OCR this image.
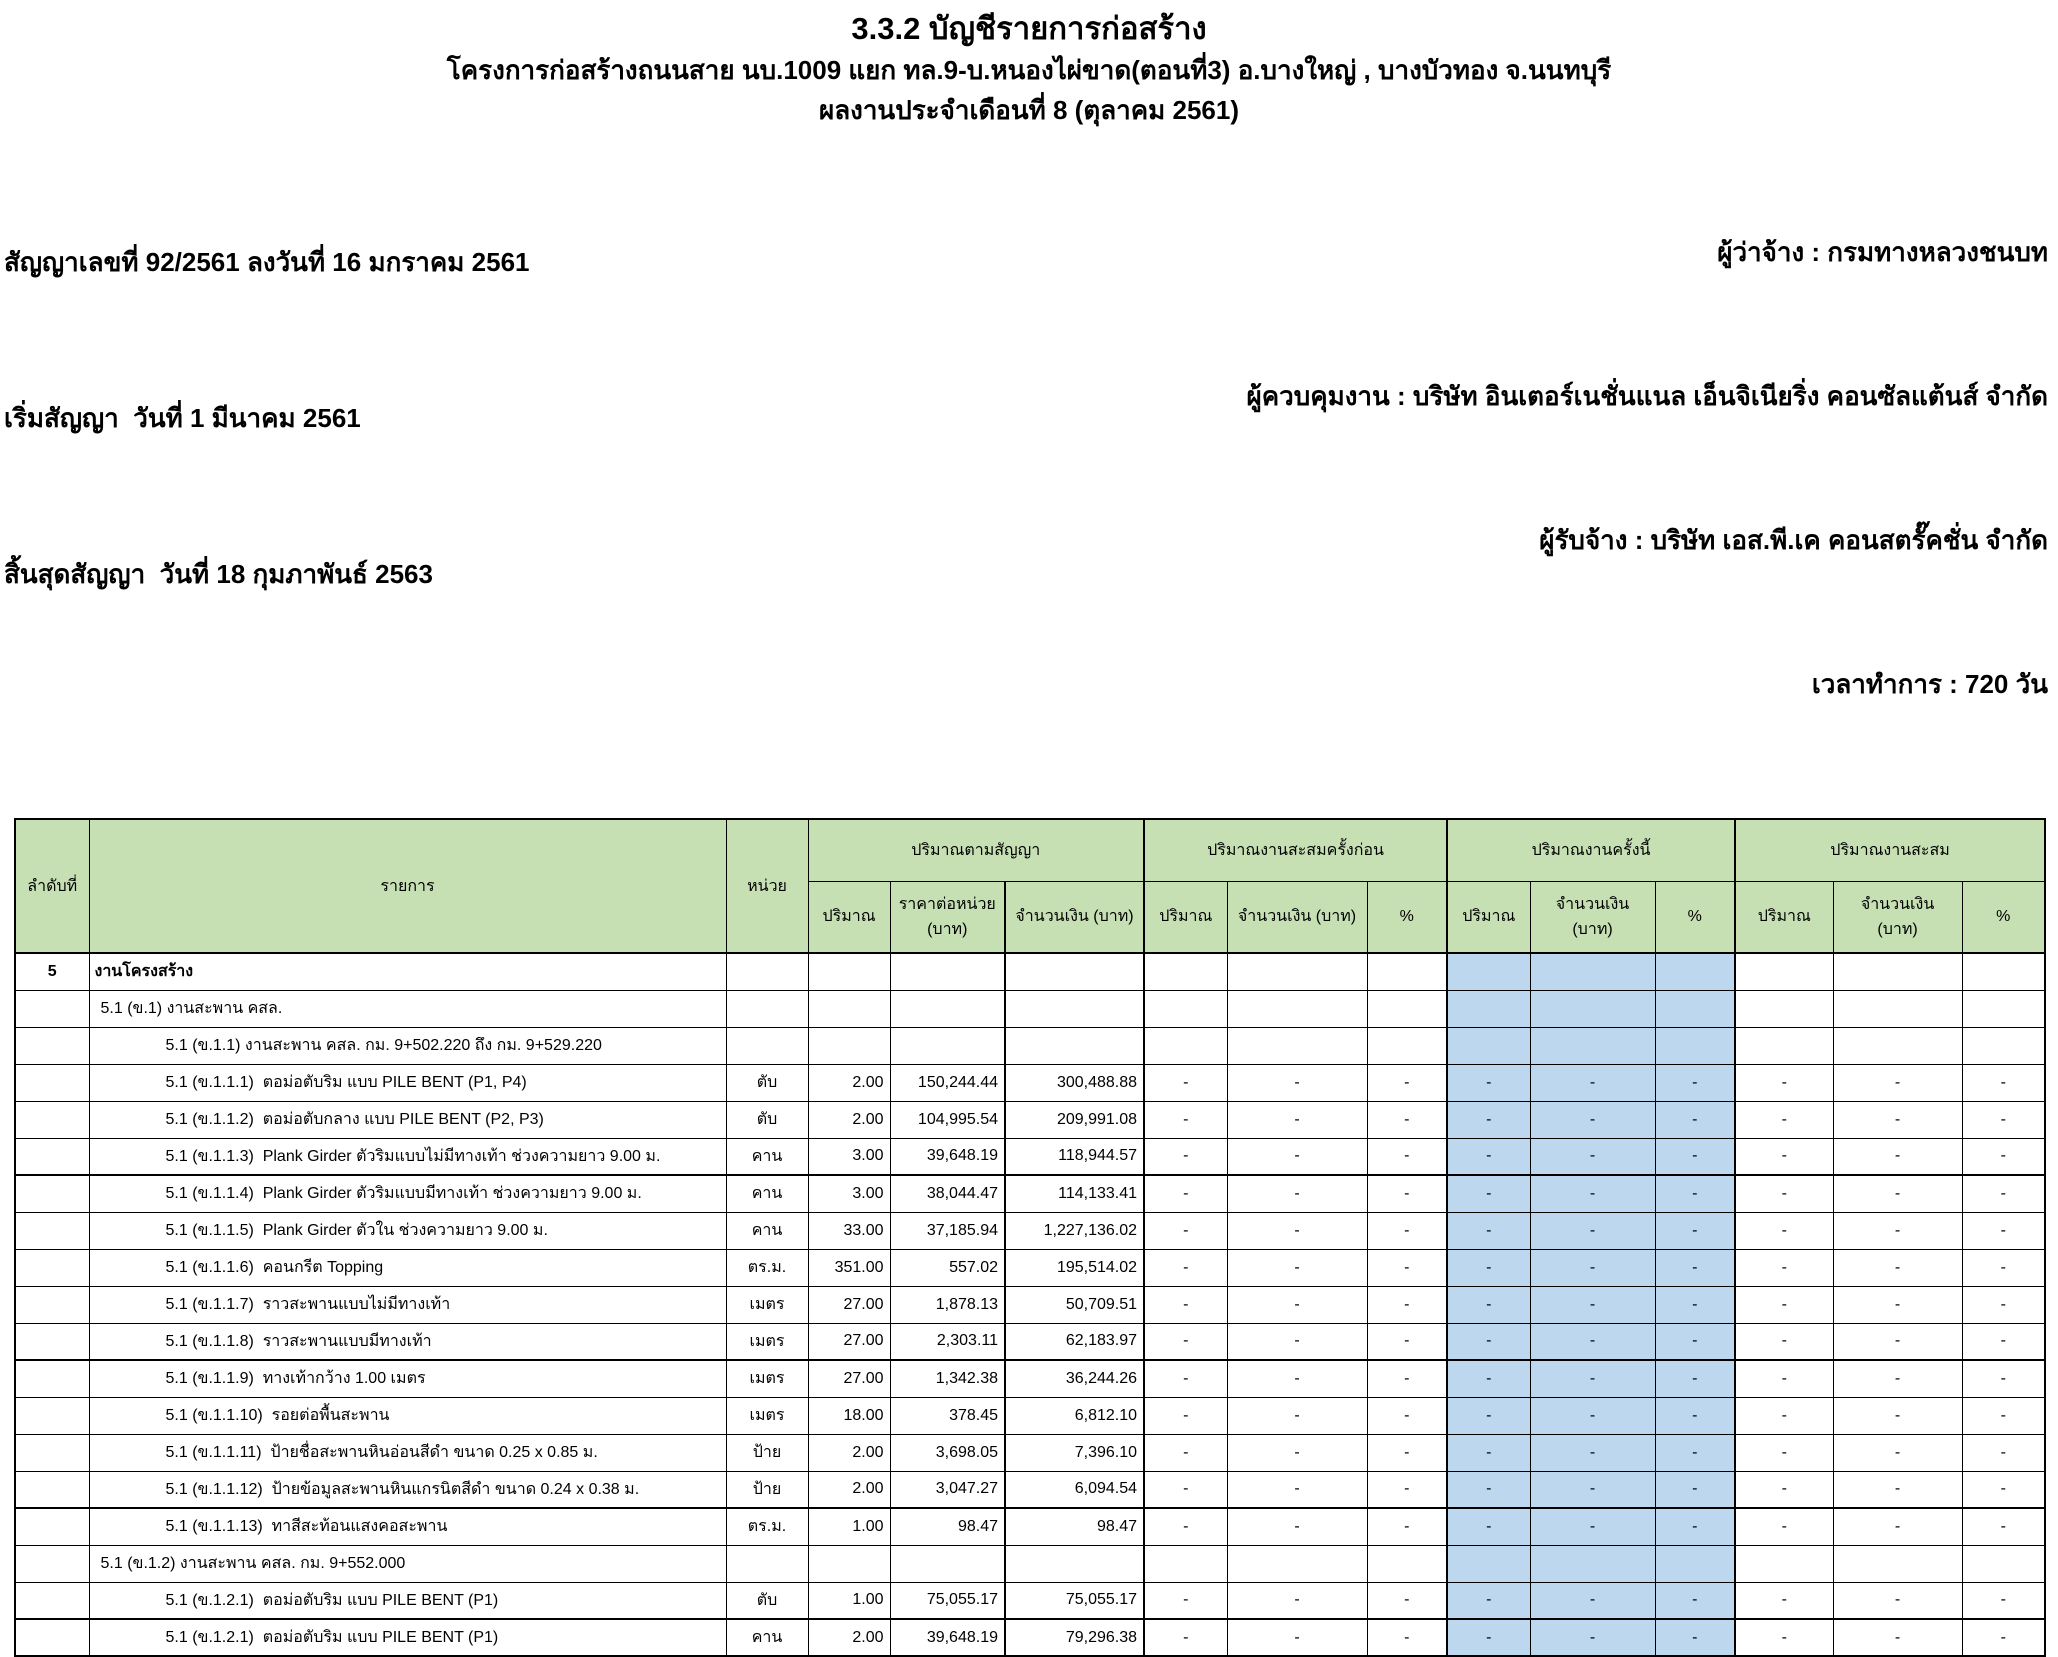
3.3.2 บัญชีรายการก่อสร้าง
โครงการก่อสร้างถนนสาย นบ.1009 แยก ทล.9-บ.หนองไผ่ขาด(ตอนที่3) อ.บางใหญ่ , บางบัวทอง จ.นนทบุรี
ผลงานประจำเดือนที่ 8 (ตุลาคม 2561)

สัญญาเลขที่ 92/2561 ลงวันที่ 16 มกราคม 2561

เริ่มสัญญา  วันที่ 1 มีนาคม 2561

สิ้นสุดสัญญา  วันที่ 18 กุมภาพันธ์ 2563

ผู้ว่าจ้าง : กรมทางหลวงชนบท

ผู้ควบคุมงาน : บริษัท อินเตอร์เนชั่นแนล เอ็นจิเนียริ่ง คอนซัลแต้นส์ จำกัด

ผู้รับจ้าง : บริษัท เอส.พี.เค คอนสตรั๊คชั่น จำกัด

เวลาทำการ : 720 วัน

ลำดับที่	รายการ	หน่วย	ปริมาณตามสัญญา			ปริมาณงานสะสมครั้งก่อน			ปริมาณงานครั้งนี้			ปริมาณงานสะสม		
			ปริมาณ	ราคาต่อหน่วย (บาท)	จำนวนเงิน (บาท)	ปริมาณ	จำนวนเงิน (บาท)	%	ปริมาณ	จำนวนเงิน (บาท)	%	ปริมาณ	จำนวนเงิน (บาท)	%
5	งานโครงสร้าง													
	5.1 (ข.1) งานสะพาน คสล.													
	5.1 (ข.1.1) งานสะพาน คสล. กม. 9+502.220 ถึง กม. 9+529.220													
	5.1 (ข.1.1.1)  ตอม่อตับริม แบบ PILE BENT (P1, P4)	ตับ	2.00	150,244.44	300,488.88	-	-	-	-	-	-	-	-	-
	5.1 (ข.1.1.2)  ตอม่อตับกลาง แบบ PILE BENT (P2, P3)	ตับ	2.00	104,995.54	209,991.08	-	-	-	-	-	-	-	-	-
	5.1 (ข.1.1.3)  Plank Girder ตัวริมแบบไม่มีทางเท้า ช่วงความยาว 9.00 ม.	คาน	3.00	39,648.19	118,944.57	-	-	-	-	-	-	-	-	-
	5.1 (ข.1.1.4)  Plank Girder ตัวริมแบบมีทางเท้า ช่วงความยาว 9.00 ม.	คาน	3.00	38,044.47	114,133.41	-	-	-	-	-	-	-	-	-
	5.1 (ข.1.1.5)  Plank Girder ตัวใน ช่วงความยาว 9.00 ม.	คาน	33.00	37,185.94	1,227,136.02	-	-	-	-	-	-	-	-	-
	5.1 (ข.1.1.6)  คอนกรีต Topping	ตร.ม.	351.00	557.02	195,514.02	-	-	-	-	-	-	-	-	-
	5.1 (ข.1.1.7)  ราวสะพานแบบไม่มีทางเท้า	เมตร	27.00	1,878.13	50,709.51	-	-	-	-	-	-	-	-	-
	5.1 (ข.1.1.8)  ราวสะพานแบบมีทางเท้า	เมตร	27.00	2,303.11	62,183.97	-	-	-	-	-	-	-	-	-
	5.1 (ข.1.1.9)  ทางเท้ากว้าง 1.00 เมตร	เมตร	27.00	1,342.38	36,244.26	-	-	-	-	-	-	-	-	-
	5.1 (ข.1.1.10)  รอยต่อพื้นสะพาน	เมตร	18.00	378.45	6,812.10	-	-	-	-	-	-	-	-	-
	5.1 (ข.1.1.11)  ป้ายชื่อสะพานหินอ่อนสีดำ ขนาด 0.25 x 0.85 ม.	ป้าย	2.00	3,698.05	7,396.10	-	-	-	-	-	-	-	-	-
	5.1 (ข.1.1.12)  ป้ายข้อมูลสะพานหินแกรนิตสีดำ ขนาด 0.24 x 0.38 ม.	ป้าย	2.00	3,047.27	6,094.54	-	-	-	-	-	-	-	-	-
	5.1 (ข.1.1.13)  ทาสีสะท้อนแสงคอสะพาน	ตร.ม.	1.00	98.47	98.47	-	-	-	-	-	-	-	-	-
	5.1 (ข.1.2) งานสะพาน คสล. กม. 9+552.000													
	5.1 (ข.1.2.1)  ตอม่อตับริม แบบ PILE BENT (P1)	ตับ	1.00	75,055.17	75,055.17	-	-	-	-	-	-	-	-	-
	5.1 (ข.1.2.1)  ตอม่อตับริม แบบ PILE BENT (P1)	คาน	2.00	39,648.19	79,296.38	-	-	-	-	-	-	-	-	-
